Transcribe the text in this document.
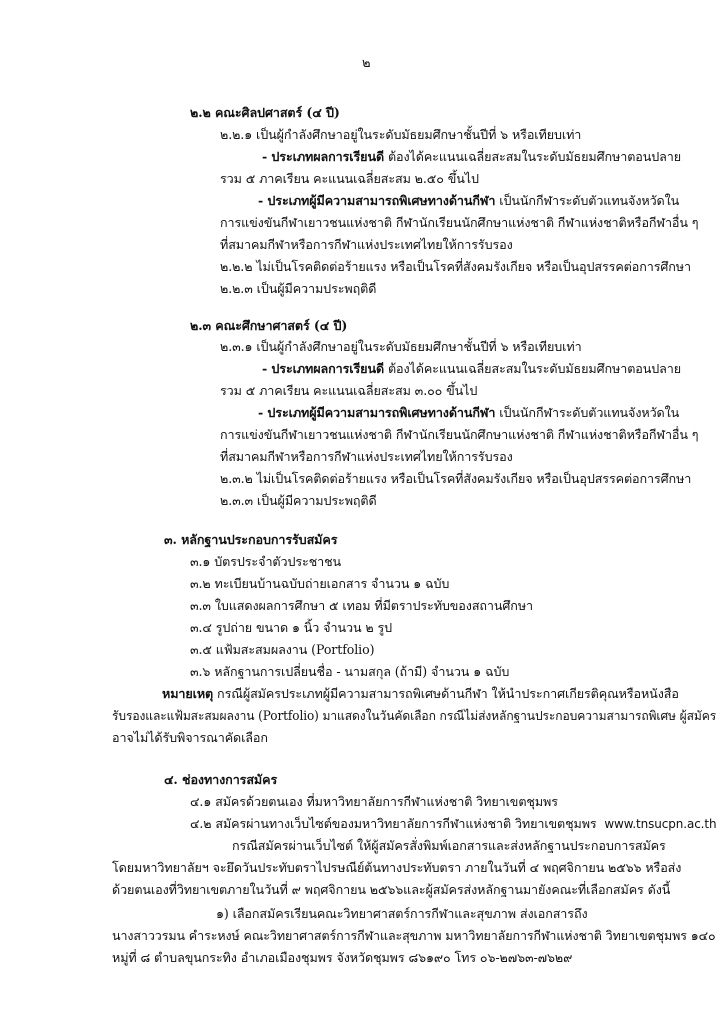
๒
๒.๒ คณะศิลปศาสตร์ (๔ ปี)
๒.๒.๑ เป็นผู้กำลังศึกษาอยู่ในระดับมัธยมศึกษาชั้นปีที่ ๖ หรือเทียบเท่า
- ประเภทผลการเรียนดี ต้องได้คะแนนเฉลี่ยสะสมในระดับมัธยมศึกษาตอนปลาย
รวม ๕ ภาคเรียน คะแนนเฉลี่ยสะสม ๒.๕๐ ขึ้นไป
- ประเภทผู้มีความสามารถพิเศษทางด้านกีฬา เป็นนักกีฬาระดับตัวแทนจังหวัดใน
การแข่งขันกีฬาเยาวชนแห่งชาติ กีฬานักเรียนนักศึกษาแห่งชาติ กีฬาแห่งชาติหรือกีฬาอื่น ๆ
ที่สมาคมกีฬาหรือการกีฬาแห่งประเทศไทยให้การรับรอง
๒.๒.๒ ไม่เป็นโรคติดต่อร้ายแรง หรือเป็นโรคที่สังคมรังเกียจ หรือเป็นอุปสรรคต่อการศึกษา
๒.๒.๓ เป็นผู้มีความประพฤติดี
๒.๓ คณะศึกษาศาสตร์ (๔ ปี)
๒.๓.๑ เป็นผู้กำลังศึกษาอยู่ในระดับมัธยมศึกษาชั้นปีที่ ๖ หรือเทียบเท่า
- ประเภทผลการเรียนดี ต้องได้คะแนนเฉลี่ยสะสมในระดับมัธยมศึกษาตอนปลาย
รวม ๕ ภาคเรียน คะแนนเฉลี่ยสะสม ๓.๐๐ ขึ้นไป
- ประเภทผู้มีความสามารถพิเศษทางด้านกีฬา เป็นนักกีฬาระดับตัวแทนจังหวัดใน
การแข่งขันกีฬาเยาวชนแห่งชาติ กีฬานักเรียนนักศึกษาแห่งชาติ กีฬาแห่งชาติหรือกีฬาอื่น ๆ
ที่สมาคมกีฬาหรือการกีฬาแห่งประเทศไทยให้การรับรอง
๒.๓.๒ ไม่เป็นโรคติดต่อร้ายแรง หรือเป็นโรคที่สังคมรังเกียจ หรือเป็นอุปสรรคต่อการศึกษา
๒.๓.๓ เป็นผู้มีความประพฤติดี
๓. หลักฐานประกอบการรับสมัคร
๓.๑ บัตรประจำตัวประชาชน
๓.๒ ทะเบียนบ้านฉบับถ่ายเอกสาร จำนวน ๑ ฉบับ
๓.๓ ใบแสดงผลการศึกษา ๕ เทอม ที่มีตราประทับของสถานศึกษา
๓.๔ รูปถ่าย ขนาด ๑ นิ้ว จำนวน ๒ รูป
๓.๕ แฟ้มสะสมผลงาน (Portfolio)
๓.๖ หลักฐานการเปลี่ยนชื่อ - นามสกุล (ถ้ามี) จำนวน ๑ ฉบับ
หมายเหตุ กรณีผู้สมัครประเภทผู้มีความสามารถพิเศษด้านกีฬา ให้นำประกาศเกียรติคุณหรือหนังสือ
รับรองและแฟ้มสะสมผลงาน (Portfolio) มาแสดงในวันคัดเลือก กรณีไม่ส่งหลักฐานประกอบความสามารถพิเศษ ผู้สมัคร
อาจไม่ได้รับพิจารณาคัดเลือก
๔. ช่องทางการสมัคร
๔.๑ สมัครด้วยตนเอง ที่มหาวิทยาลัยการกีฬาแห่งชาติ วิทยาเขตชุมพร
๔.๒ สมัครผ่านทางเว็บไซต์ของมหาวิทยาลัยการกีฬาแห่งชาติ วิทยาเขตชุมพร www.tnsucpn.ac.th
กรณีสมัครผ่านเว็บไซต์ ให้ผู้สมัครสั่งพิมพ์เอกสารและส่งหลักฐานประกอบการสมัคร
โดยมหาวิทยาลัยฯ จะยึดวันประทับตราไปรษณีย์ต้นทางประทับตรา ภายในวันที่ ๔ พฤศจิกายน ๒๕๖๖ หรือส่ง
ด้วยตนเองที่วิทยาเขตภายในวันที่ ๙ พฤศจิกายน ๒๕๖๖และผู้สมัครส่งหลักฐานมายังคณะที่เลือกสมัคร ดังนี้
๑) เลือกสมัครเรียนคณะวิทยาศาสตร์การกีฬาและสุขภาพ ส่งเอกสารถึง
นางสาววรมน คำระหงษ์ คณะวิทยาศาสตร์การกีฬาและสุขภาพ มหาวิทยาลัยการกีฬาแห่งชาติ วิทยาเขตชุมพร ๑๔๐
หมู่ที่ ๘ ตำบลขุนกระทิง อำเภอเมืองชุมพร จังหวัดชุมพร ๘๖๑๙๐ โทร ๐๖-๒๗๖๓-๗๖๒๙
